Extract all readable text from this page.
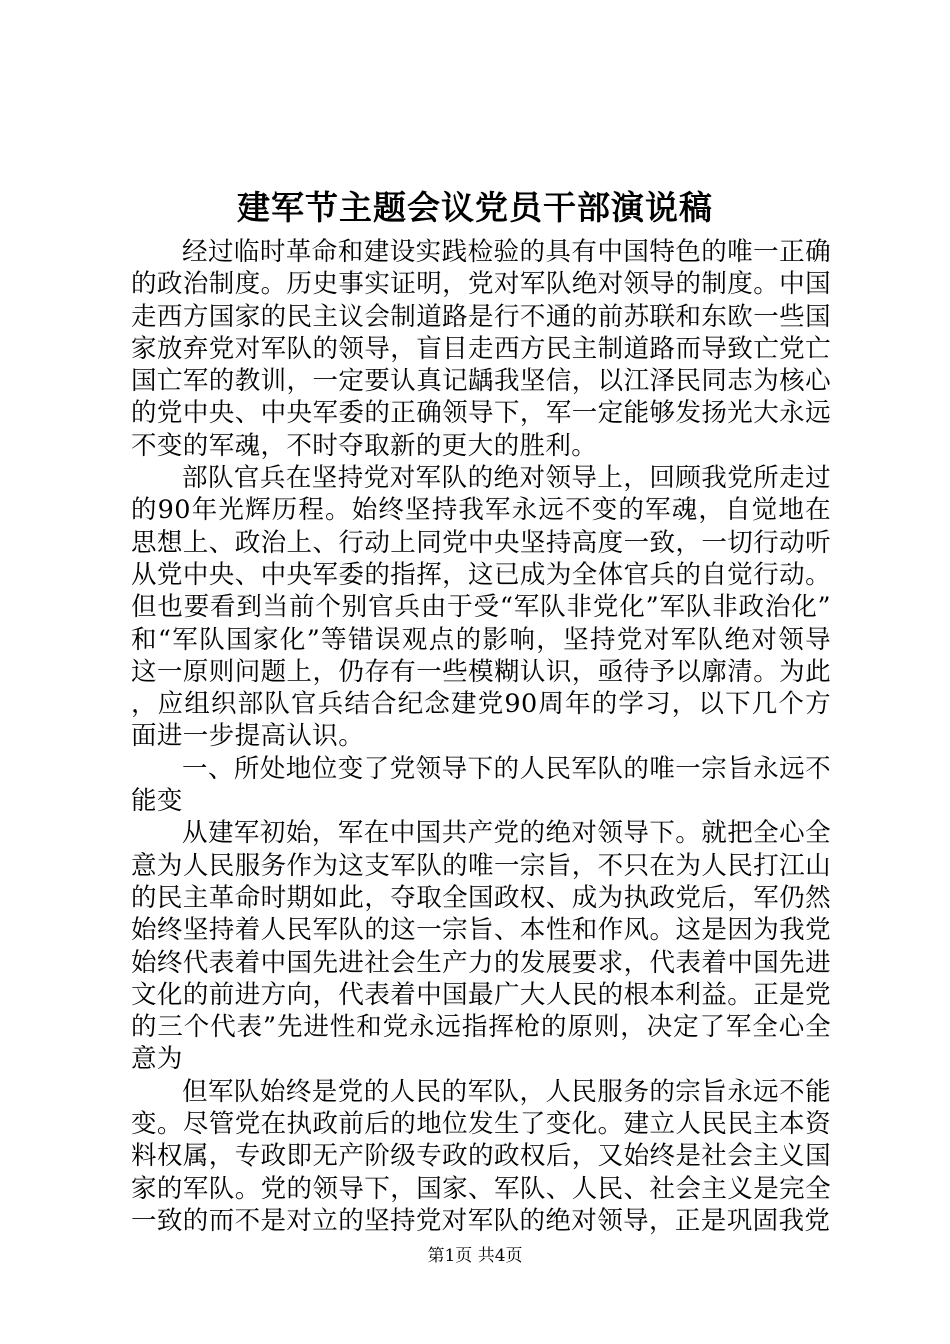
建军节主题会议党员干部演说稿

经过临时革命和建设实践检验的具有中国特色的唯一正确的政治制度。历史事实证明，党对军队绝对领导的制度。中国走西方国家的民主议会制道路是行不通的前苏联和东欧一些国家放弃党对军队的领导，盲目走西方民主制道路而导致亡党亡国亡军的教训，一定要认真记龋我坚信，以江泽民同志为核心的党中央、中央军委的正确领导下，军一定能够发扬光大永远不变的军魂，不时夺取新的更大的胜利。

部队官兵在坚持党对军队的绝对领导上，回顾我党所走过的90年光辉历程。始终坚持我军永远不变的军魂，自觉地在思想上、政治上、行动上同党中央坚持高度一致，一切行动听从党中央、中央军委的指挥，这已成为全体官兵的自觉行动。但也要看到当前个别官兵由于受“军队非党化”军队非政治化”和“军队国家化”等错误观点的影响，坚持党对军队绝对领导这一原则问题上，仍存有一些模糊认识，亟待予以廓清。为此，应组织部队官兵结合纪念建党90周年的学习，以下几个方面进一步提高认识。

一、所处地位变了党领导下的人民军队的唯一宗旨永远不能变

从建军初始，军在中国共产党的绝对领导下。就把全心全意为人民服务作为这支军队的唯一宗旨，不只在为人民打江山的民主革命时期如此，夺取全国政权、成为执政党后，军仍然始终坚持着人民军队的这一宗旨、本性和作风。这是因为我党始终代表着中国先进社会生产力的发展要求，代表着中国先进文化的前进方向，代表着中国最广大人民的根本利益。正是党的三个代表”先进性和党永远指挥枪的原则，决定了军全心全意为

但军队始终是党的人民的军队，人民服务的宗旨永远不能变。尽管党在执政前后的地位发生了变化。建立人民民主本资料权属，专政即无产阶级专政的政权后，又始终是社会主义国家的军队。党的领导下，国家、军队、人民、社会主义是完全一致的而不是对立的坚持党对军队的绝对领导，正是巩固我党

第1页 共4页
